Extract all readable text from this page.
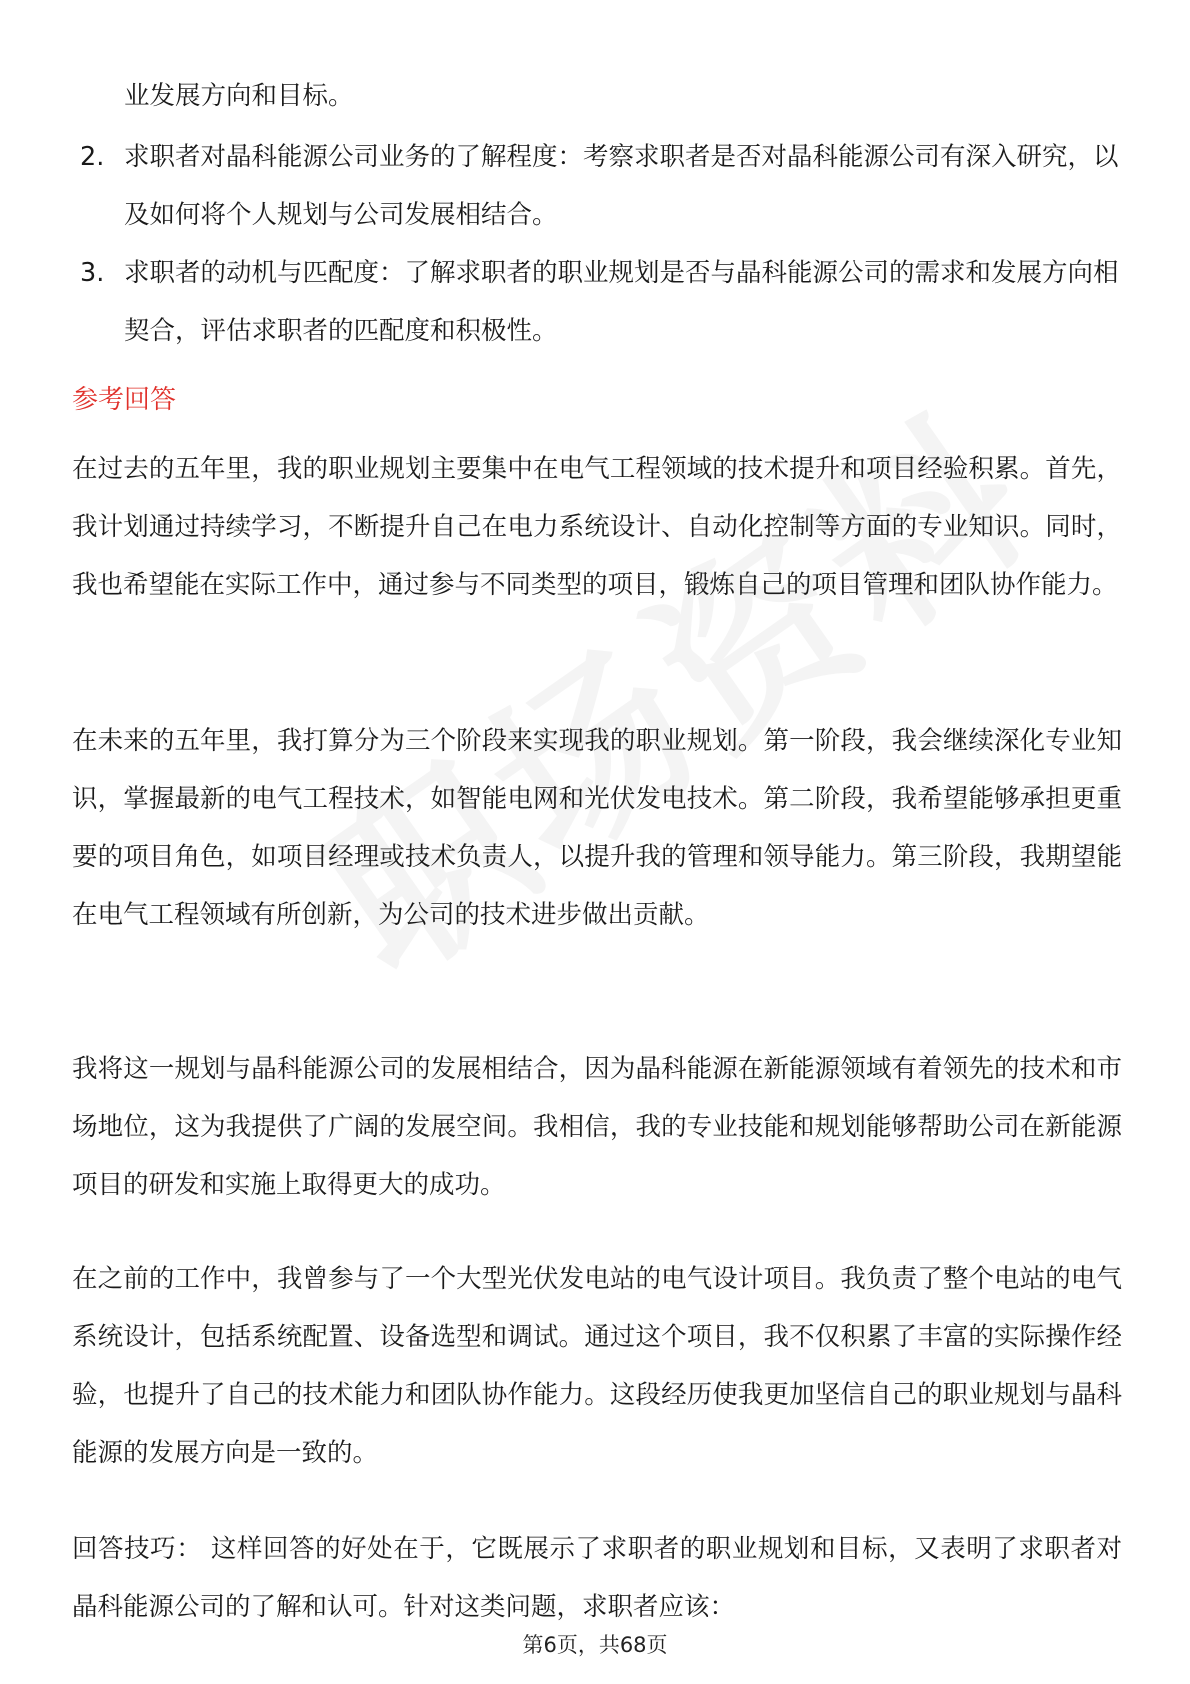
业发展方向和目标。

2. 求职者对晶科能源公司业务的了解程度：考察求职者是否对晶科能源公司有深入研究，以及如何将个人规划与公司发展相结合。
3. 求职者的动机与匹配度：了解求职者的职业规划是否与晶科能源公司的需求和发展方向相契合，评估求职者的匹配度和积极性。
参考回答

在过去的五年里，我的职业规划主要集中在电气工程领域的技术提升和项目经验积累。首先，我计划通过持续学习，不断提升自己在电力系统设计、自动化控制等方面的专业知识。同时，我也希望能在实际工作中，通过参与不同类型的项目，锻炼自己的项目管理和团队协作能力。

在未来的五年里，我打算分为三个阶段来实现我的职业规划。第一阶段，我会继续深化专业知识，掌握最新的电气工程技术，如智能电网和光伏发电技术。第二阶段，我希望能够承担更重要的项目角色，如项目经理或技术负责人，以提升我的管理和领导能力。第三阶段，我期望能在电气工程领域有所创新，为公司的技术进步做出贡献。

我将这一规划与晶科能源公司的发展相结合，因为晶科能源在新能源领域有着领先的技术和市场地位，这为我提供了广阔的发展空间。我相信，我的专业技能和规划能够帮助公司在新能源项目的研发和实施上取得更大的成功。

在之前的工作中，我曾参与了一个大型光伏发电站的电气设计项目。我负责了整个电站的电气系统设计，包括系统配置、设备选型和调试。通过这个项目，我不仅积累了丰富的实际操作经验，也提升了自己的技术能力和团队协作能力。这段经历使我更加坚信自己的职业规划与晶科能源的发展方向是一致的。

回答技巧： 这样回答的好处在于，它既展示了求职者的职业规划和目标，又表明了求职者对晶科能源公司的了解和认可。针对这类问题，求职者应该：

第6页，共68页
